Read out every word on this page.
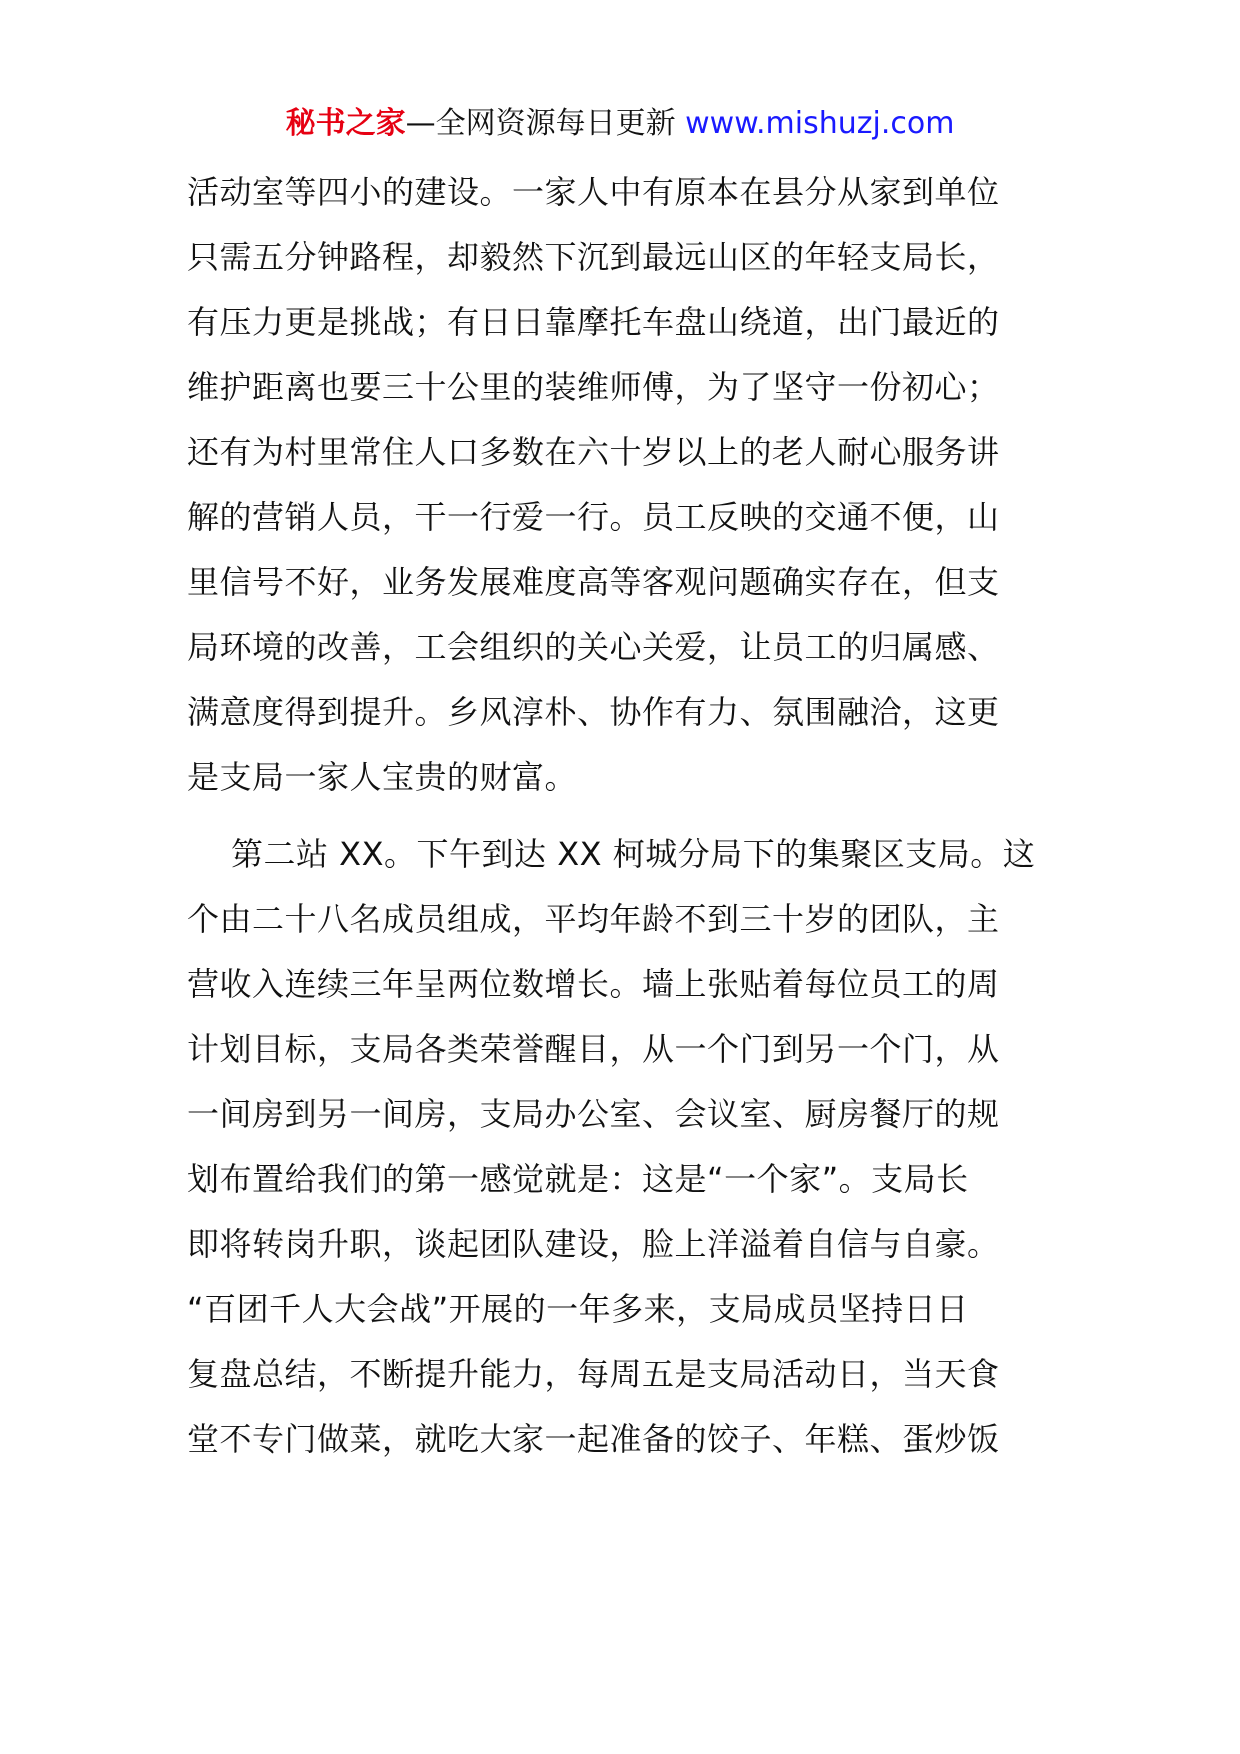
秘书之家—全网资源每日更新 www.mishuzj.com
活动室等四小的建设。一家人中有原本在县分从家到单位
只需五分钟路程，却毅然下沉到最远山区的年轻支局长，
有压力更是挑战；有日日靠摩托车盘山绕道，出门最近的
维护距离也要三十公里的装维师傅，为了坚守一份初心；
还有为村里常住人口多数在六十岁以上的老人耐心服务讲
解的营销人员，干一行爱一行。员工反映的交通不便，山
里信号不好，业务发展难度高等客观问题确实存在，但支
局环境的改善，工会组织的关心关爱，让员工的归属感、
满意度得到提升。乡风淳朴、协作有力、氛围融洽，这更
是支局一家人宝贵的财富。
第二站 XX。下午到达 XX 柯城分局下的集聚区支局。这
个由二十八名成员组成，平均年龄不到三十岁的团队，主
营收入连续三年呈两位数增长。墙上张贴着每位员工的周
计划目标，支局各类荣誉醒目，从一个门到另一个门，从
一间房到另一间房，支局办公室、会议室、厨房餐厅的规
划布置给我们的第一感觉就是：这是“一个家”。支局长
即将转岗升职，谈起团队建设，脸上洋溢着自信与自豪。
“百团千人大会战”开展的一年多来，支局成员坚持日日
复盘总结，不断提升能力，每周五是支局活动日，当天食
堂不专门做菜，就吃大家一起准备的饺子、年糕、蛋炒饭
